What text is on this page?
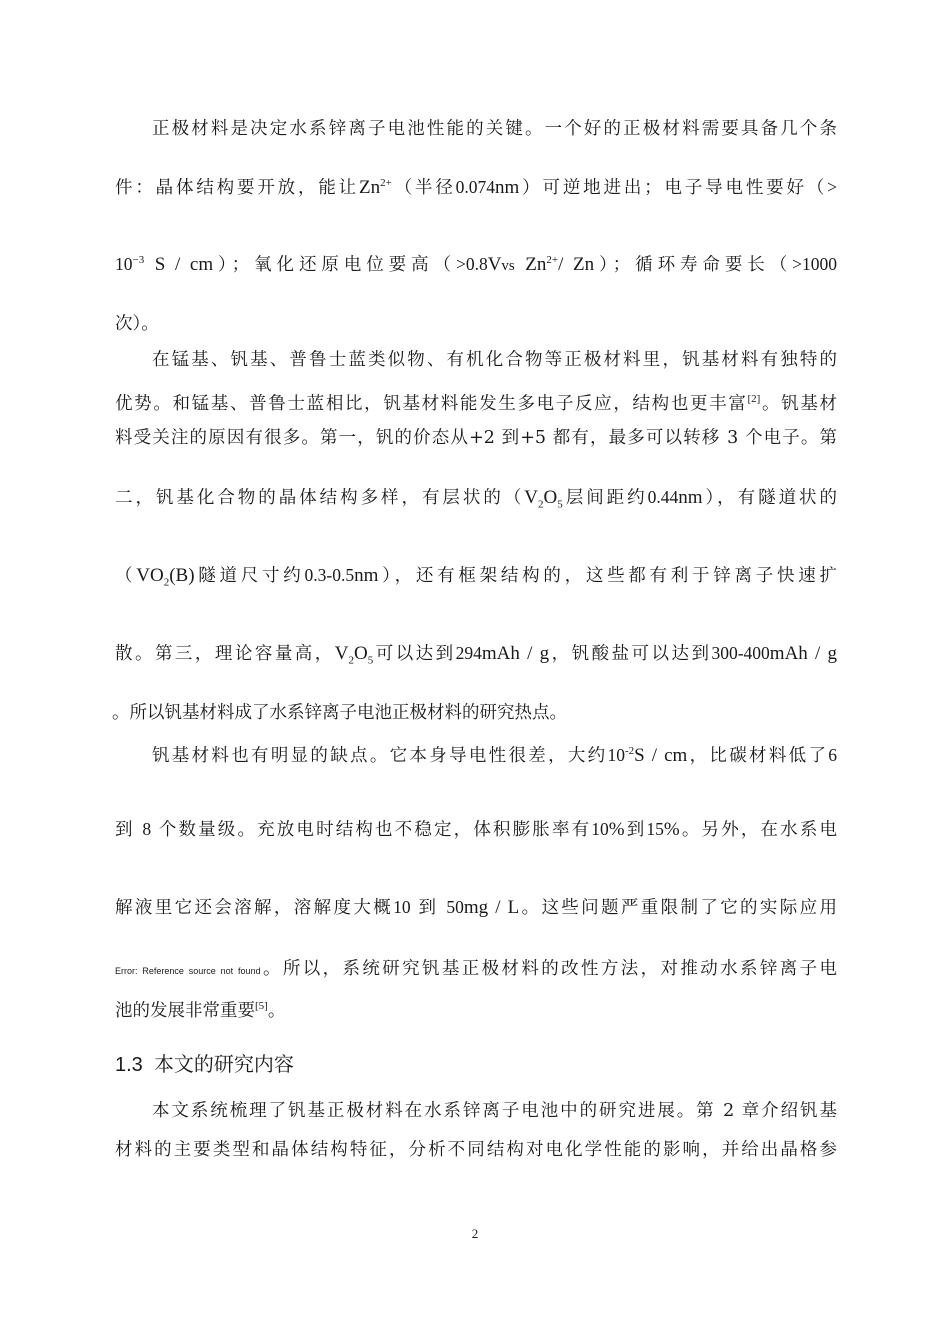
正极材料是决定水系锌离子电池性能的关键。一个好的正极材料需要具备几个条
件：晶体结构要开放，能让$Zn^{2+}$（半径0.074nm）可逆地进出；电子导电性要好（>
$10^{-3}$ S / cm）；氧化还原电位要高（>0.8Vvs $Zn^{2+}/$ Zn）；循环寿命要长（>1000
次）。
在锰基、钒基、普鲁士蓝类似物、有机化合物等正极材料里，钒基材料有独特的
优势。和锰基、普鲁士蓝相比，钒基材料能发生多电子反应，结构也更丰富[2]。钒基材
料受关注的原因有很多。第一，钒的价态从+2 到+5 都有，最多可以转移 3 个电子。第
二，钒基化合物的晶体结构多样，有层状的（$V_2O_5$层间距约0.44nm），有隧道状的
（$VO_2(B)$隧道尺寸约0.3-0.5nm），还有框架结构的，这些都有利于锌离子快速扩
散。第三，理论容量高，$V_2O_5$可以达到294mAh / g，钒酸盐可以达到300-400mAh / g
。所以钒基材料成了水系锌离子电池正极材料的研究热点。
钒基材料也有明显的缺点。它本身导电性很差，大约$10^{-2}S$ / cm，比碳材料低了6
到 8 个数量级。充放电时结构也不稳定，体积膨胀率有10%到15%。另外，在水系电
解液里它还会溶解，溶解度大概10 到 50mg / L。这些问题严重限制了它的实际应用
Error: Reference source not found。所以，系统研究钒基正极材料的改性方法，对推动水系锌离子电
池的发展非常重要[5]。
1.3 本文的研究内容
本文系统梳理了钒基正极材料在水系锌离子电池中的研究进展。第 2 章介绍钒基
材料的主要类型和晶体结构特征，分析不同结构对电化学性能的影响，并给出晶格参
2
